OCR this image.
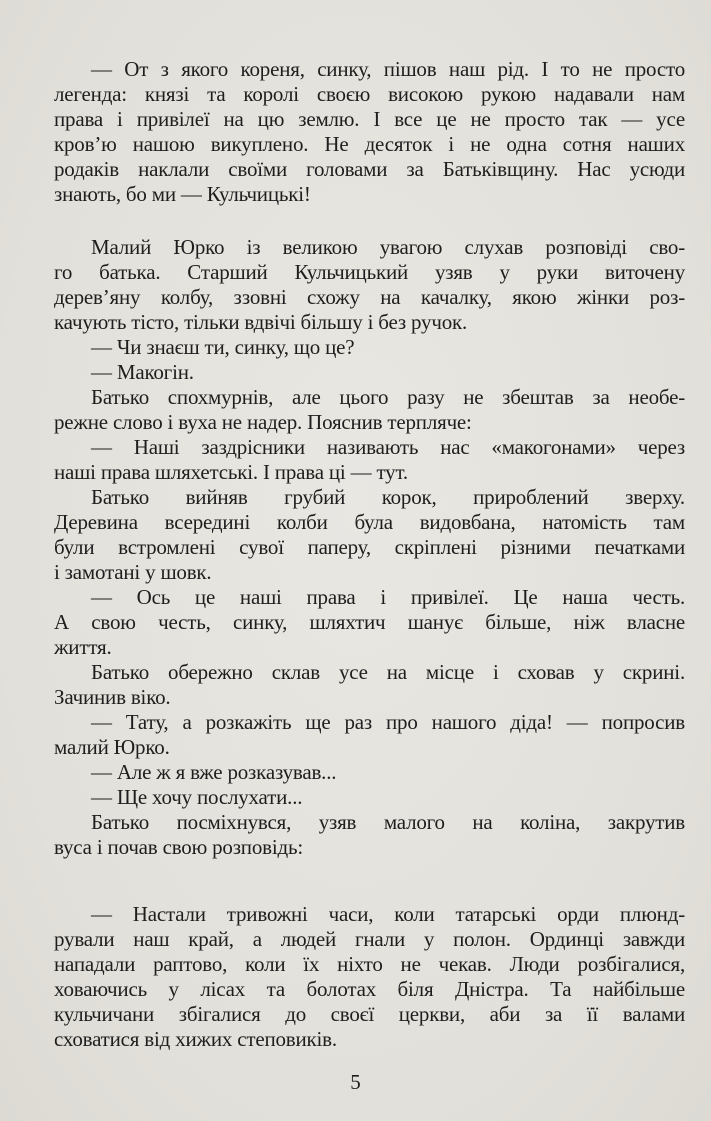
— От з якого кореня, синку, пішов наш рід. І то не просто
легенда: князі та королі своєю високою рукою надавали нам
права і привілеї на цю землю. І все це не просто так — усе
кров’ю нашою викуплено. Не десяток і не одна сотня наших
родаків наклали своїми головами за Батьківщину. Нас усюди
знають, бо ми — Кульчицькі!
Малий Юрко із великою увагою слухав розповіді сво-
го батька. Старший Кульчицький узяв у руки виточену
дерев’яну колбу, ззовні схожу на качалку, якою жінки роз-
качують тісто, тільки вдвічі більшу і без ручок.
— Чи знаєш ти, синку, що це?
— Макогін.
Батько спохмурнів, але цього разу не збештав за необе-
режне слово і вуха не надер. Пояснив терпляче:
— Наші заздрісники називають нас «макогонами» через
наші права шляхетські. І права ці — тут.
Батько вийняв грубий корок, прироблений зверху.
Деревина всередині колби була видовбана, натомість там
були встромлені сувої паперу, скріплені різними печатками
і замотані у шовк.
— Ось це наші права і привілеї. Це наша честь.
А свою честь, синку, шляхтич шанує більше, ніж власне
життя.
Батько обережно склав усе на місце і сховав у скрині.
Зачинив віко.
— Тату, а розкажіть ще раз про нашого діда! — попросив
малий Юрко.
— Але ж я вже розказував...
— Ще хочу послухати...
Батько посміхнувся, узяв малого на коліна, закрутив
вуса і почав свою розповідь:
— Настали тривожні часи, коли татарські орди плюнд-
рували наш край, а людей гнали у полон. Ординці завжди
нападали раптово, коли їх ніхто не чекав. Люди розбігалися,
ховаючись у лісах та болотах біля Дністра. Та найбільше
кульчичани збігалися до своєї церкви, аби за її валами
сховатися від хижих степовиків.
5
